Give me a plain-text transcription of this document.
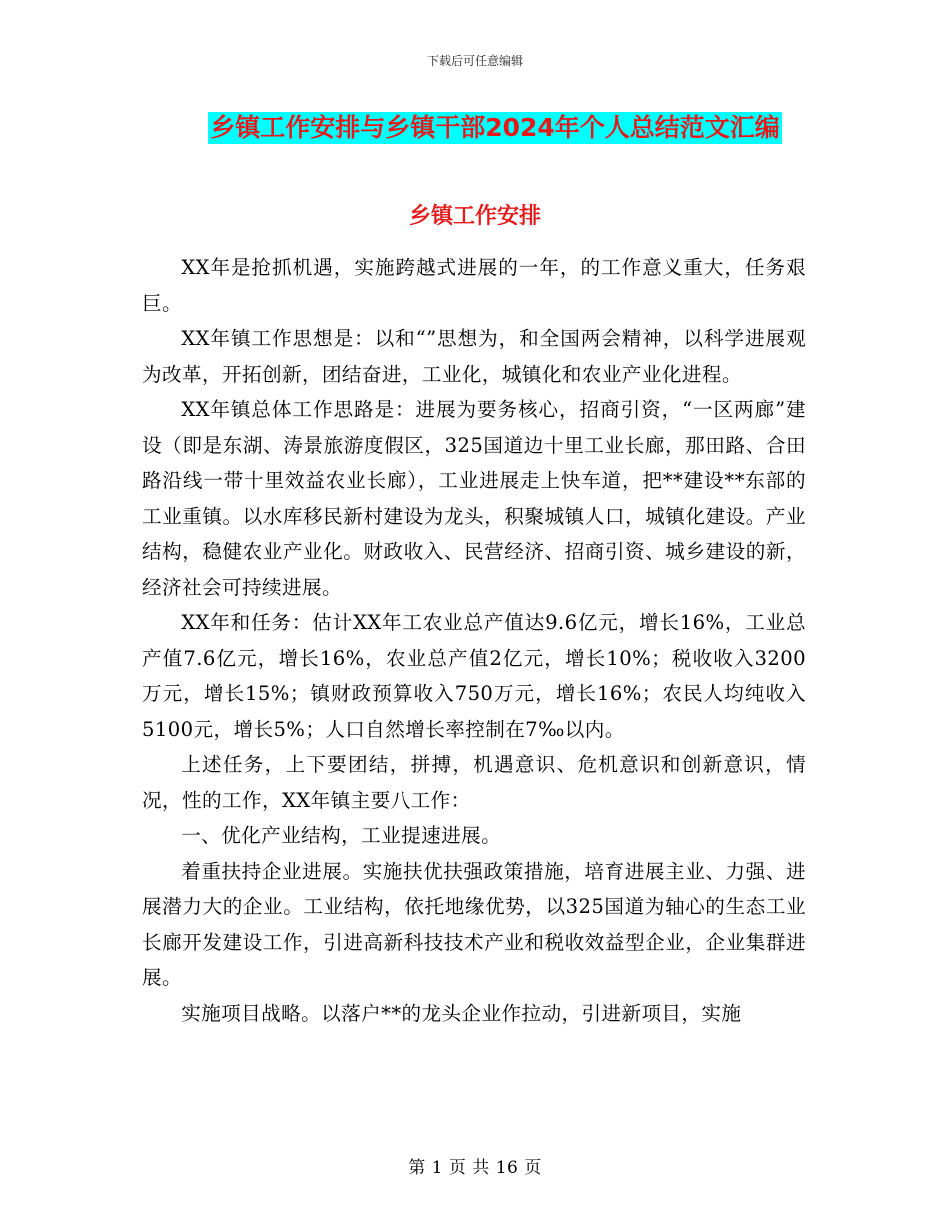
下载后可任意编辑
乡镇工作安排与乡镇干部2024年个人总结范文汇编
乡镇工作安排

XX年是抢抓机遇，实施跨越式进展的一年，的工作意义重大，任务艰巨。

XX年镇工作思想是：以和“”思想为，和全国两会精神，以科学进展观为改革，开拓创新，团结奋进，工业化，城镇化和农业产业化进程。

XX年镇总体工作思路是：进展为要务核心，招商引资，“一区两廊”建设（即是东湖、涛景旅游度假区，325国道边十里工业长廊，那田路、合田路沿线一带十里效益农业长廊），工业进展走上快车道，把**建设**东部的工业重镇。以水库移民新村建设为龙头，积聚城镇人口，城镇化建设。产业结构，稳健农业产业化。财政收入、民营经济、招商引资、城乡建设的新，经济社会可持续进展。

XX年和任务：估计XX年工农业总产值达9.6亿元，增长16%，工业总产值7.6亿元，增长16%，农业总产值2亿元，增长10%；税收收入3200万元，增长15%；镇财政预算收入750万元，增长16%；农民人均纯收入5100元，增长5%；人口自然增长率控制在7‰以内。

上述任务，上下要团结，拼搏，机遇意识、危机意识和创新意识，情况，性的工作，XX年镇主要八工作：

一、优化产业结构，工业提速进展。

着重扶持企业进展。实施扶优扶强政策措施，培育进展主业、力强、进展潜力大的企业。工业结构，依托地缘优势，以325国道为轴心的生态工业长廊开发建设工作，引进高新科技技术产业和税收效益型企业，企业集群进展。

实施项目战略。以落户**的龙头企业作拉动，引进新项目，实施

第 1 页 共 16 页
